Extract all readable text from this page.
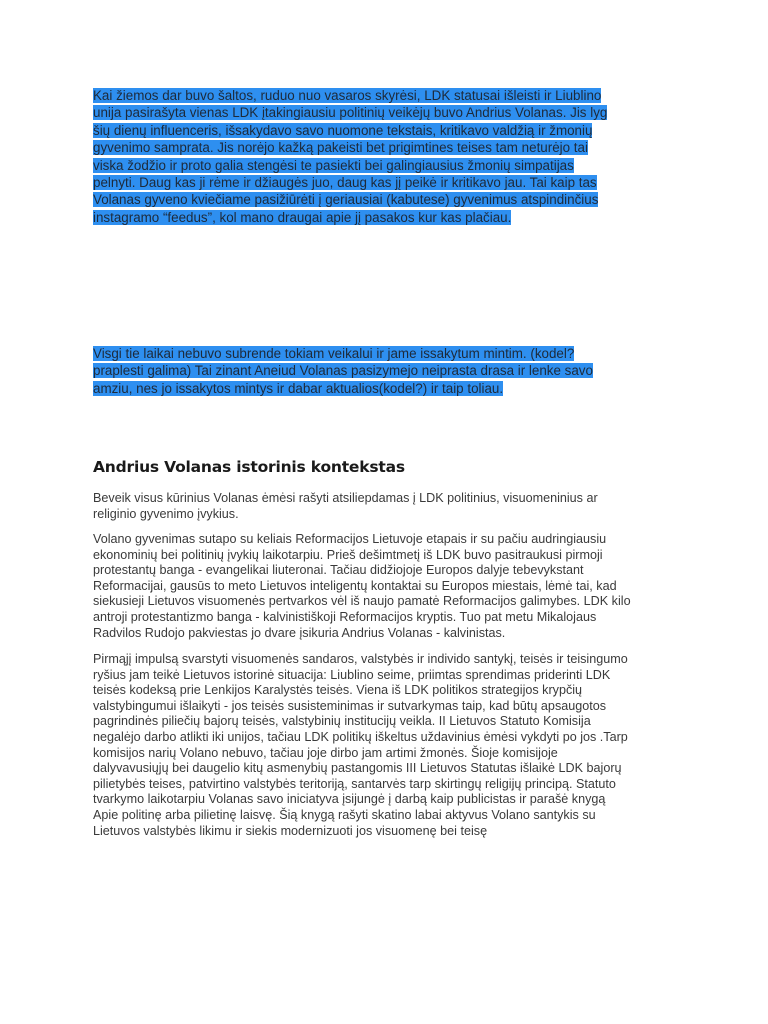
Kai žiemos dar buvo šaltos, ruduo nuo vasaros skyrėsi, LDK statusai išleisti ir Liublino
unija pasirašyta vienas LDK įtakingiausiu politinių veikėjų buvo Andrius Volanas. Jis lyg
šių dienų influenceris, išsakydavo savo nuomone tekstais, kritikavo valdžią ir žmonių
gyvenimo samprata. Jis norėjo kažką pakeisti bet prigimtines teises tam neturėjo tai
viska žodžio ir proto galia stengėsi te pasiekti bei galingiausius žmonių simpatijas
pelnyti. Daug kas ji rėme ir džiaugės juo, daug kas jį peikė ir kritikavo jau. Tai kaip tas
Volanas gyveno kviečiame pasižiūrėti į geriausiai (kabutese) gyvenimus atspindinčius
instagramo “feedus”, kol mano draugai apie jį pasakos kur kas plačiau.
Visgi tie laikai nebuvo subrende tokiam veikalui ir jame issakytum mintim. (kodel?
praplesti galima) Tai zinant Aneiud Volanas pasizymejo neiprasta drasa ir lenke savo
amziu, nes jo issakytos mintys ir dabar aktualios(kodel?) ir taip toliau.
Andrius Volanas istorinis kontekstas
Beveik visus kūrinius Volanas ėmėsi rašyti atsiliepdamas į LDK politinius, visuomeninius ar
religinio gyvenimo įvykius.
Volano gyvenimas sutapo su keliais Reformacijos Lietuvoje etapais ir su pačiu audringiausiu
ekonominių bei politinių įvykių laikotarpiu. Prieš dešimtmetį iš LDK buvo pasitraukusi pirmoji
protestantų banga - evangelikai liuteronai. Tačiau didžiojoje Europos dalyje tebevykstant
Reformacijai, gausūs to meto Lietuvos inteligentų kontaktai su Europos miestais, lėmė tai, kad
siekusieji Lietuvos visuomenės pertvarkos vėl iš naujo pamatė Reformacijos galimybes. LDK kilo
antroji protestantizmo banga - kalvinistiškoji Reformacijos kryptis. Tuo pat metu Mikalojaus
Radvilos Rudojo pakviestas jo dvare įsikuria Andrius Volanas - kalvinistas.
Pirmąjį impulsą svarstyti visuomenės sandaros, valstybės ir individo santykį, teisės ir teisingumo
ryšius jam teikė Lietuvos istorinė situacija: Liublino seime, priimtas sprendimas priderinti LDK
teisės kodeksą prie Lenkijos Karalystės teisės. Viena iš LDK politikos strategijos krypčių
valstybingumui išlaikyti - jos teisės susisteminimas ir sutvarkymas taip, kad būtų apsaugotos
pagrindinės piliečių bajorų teisės, valstybinių institucijų veikla. II Lietuvos Statuto Komisija
negalėjo darbo atlikti iki unijos, tačiau LDK politikų iškeltus uždavinius ėmėsi vykdyti po jos .Tarp
komisijos narių Volano nebuvo, tačiau joje dirbo jam artimi žmonės. Šioje komisijoje
dalyvavusiųjų bei daugelio kitų asmenybių pastangomis III Lietuvos Statutas išlaikė LDK bajorų
pilietybės teises, patvirtino valstybės teritoriją, santarvės tarp skirtingų religijų principą. Statuto
tvarkymo laikotarpiu Volanas savo iniciatyva įsijungė į darbą kaip publicistas ir parašė knygą
Apie politinę arba pilietinę laisvę. Šią knygą rašyti skatino labai aktyvus Volano santykis su
Lietuvos valstybės likimu ir siekis modernizuoti jos visuomenę bei teisę
